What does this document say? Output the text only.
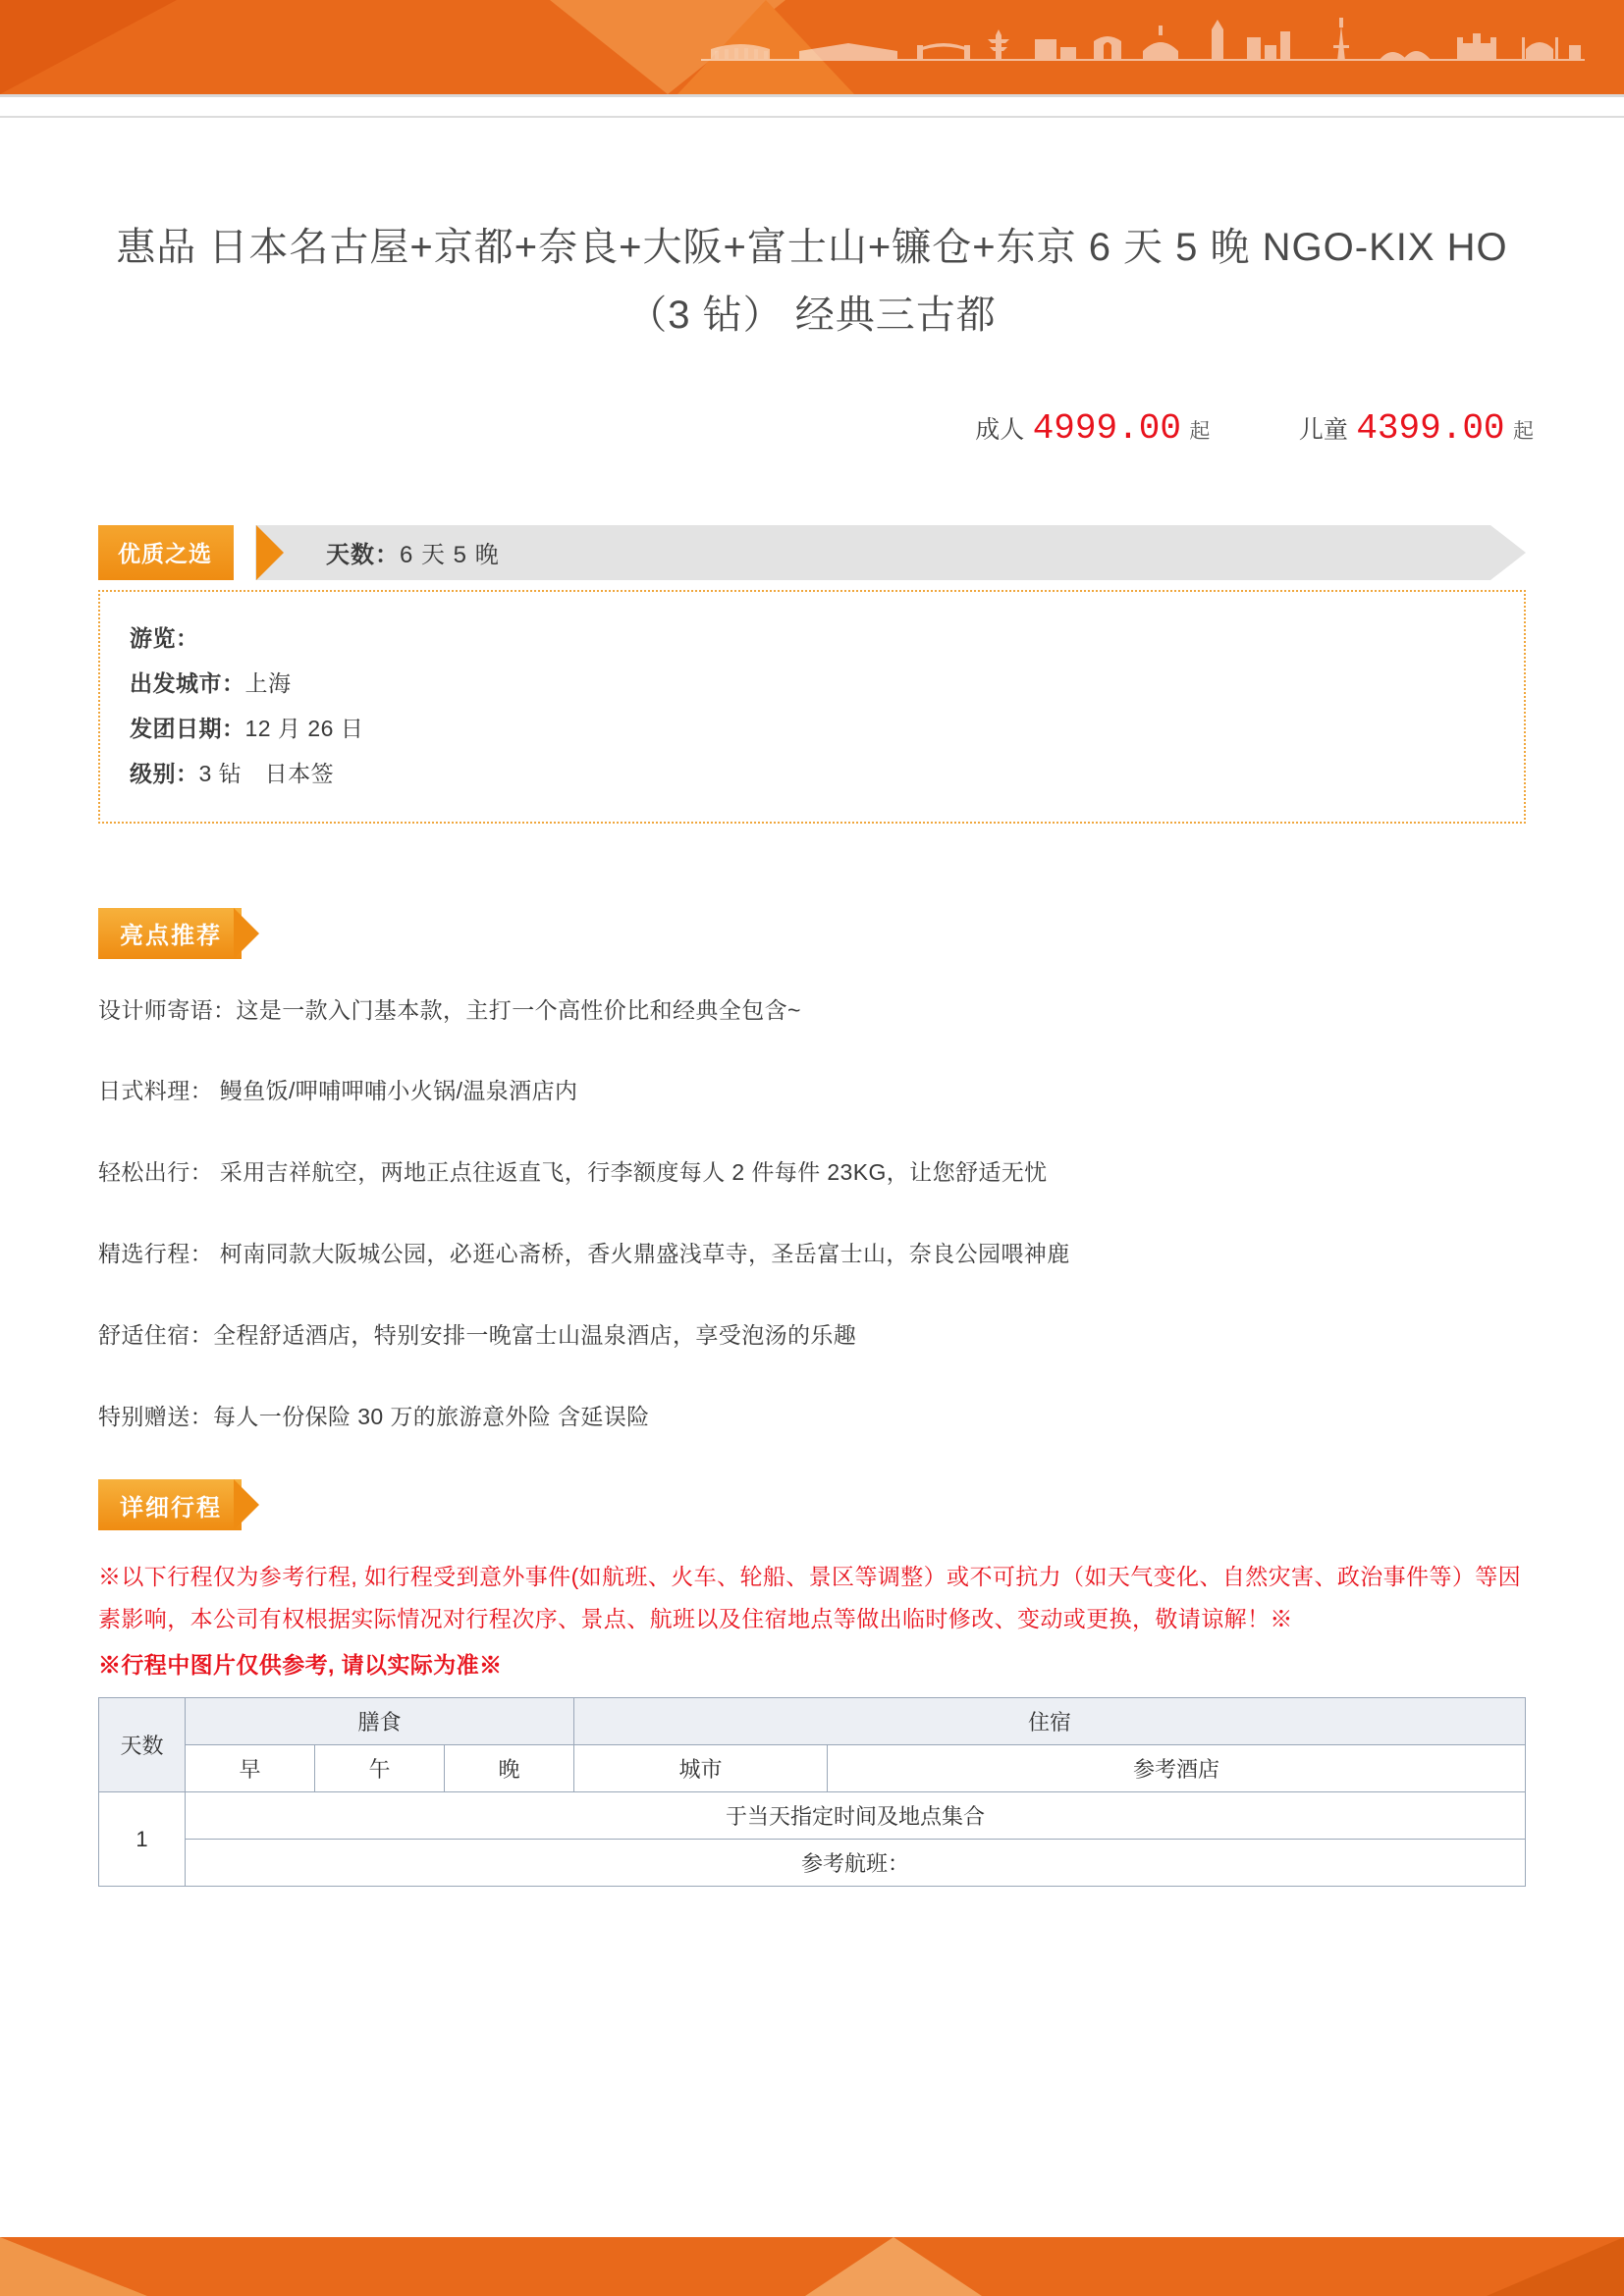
惠品 日本名古屋+京都+奈良+大阪+富士山+镰仓+东京 6 天 5 晚 NGO-KIX HO（3 钻） 经典三古都
成人 4999.00 起	儿童 4399.00 起
优质之选	天数： 6 天 5 晚
游览：
出发城市：上海
发团日期：12 月 26 日
级别：3 钻　日本签
亮点推荐
设计师寄语：这是一款入门基本款，主打一个高性价比和经典全包含~
日式料理： 鳗鱼饭/呷哺呷哺小火锅/温泉酒店内
轻松出行： 采用吉祥航空，两地正点往返直飞，行李额度每人 2 件每件 23KG，让您舒适无忧
精选行程： 柯南同款大阪城公园，必逛心斋桥，香火鼎盛浅草寺，圣岳富士山，奈良公园喂神鹿
舒适住宿：全程舒适酒店，特别安排一晚富士山温泉酒店，享受泡汤的乐趣
特别赠送：每人一份保险 30 万的旅游意外险 含延误险
详细行程
※以下行程仅为参考行程, 如行程受到意外事件(如航班、火车、轮船、景区等调整）或不可抗力（如天气变化、自然灾害、政治事件等）等因素影响，本公司有权根据实际情况对行程次序、景点、航班以及住宿地点等做出临时修改、变动或更换，敬请谅解！※
※行程中图片仅供参考, 请以实际为准※
天数	膳食			住宿	
	早	午	晚	城市	参考酒店
1	于当天指定时间及地点集合				
	参考航班：				
